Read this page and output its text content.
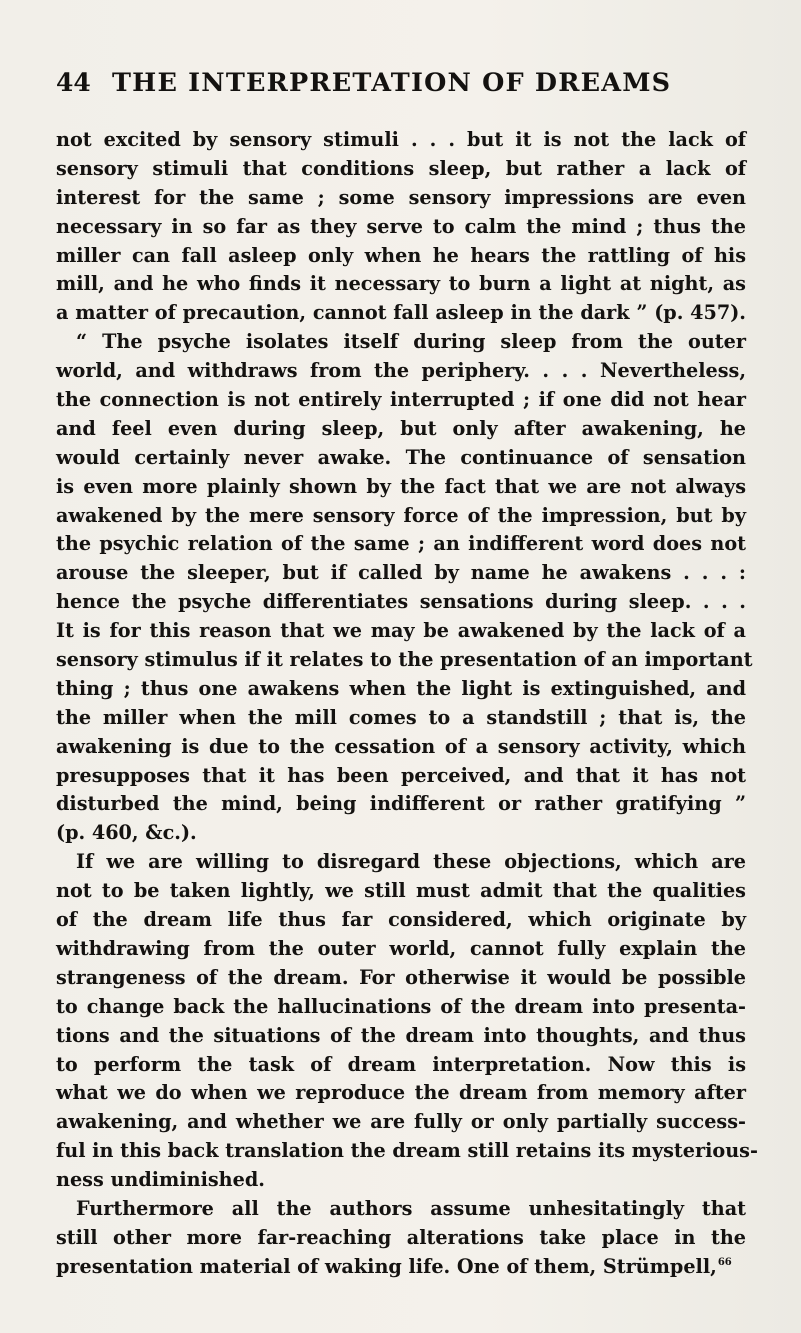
44 THE INTERPRETATION OF DREAMS
not excited by sensory stimuli . . . but it is not the lack of
sensory stimuli that conditions sleep, but rather a lack of
interest for the same ; some sensory impressions are even
necessary in so far as they serve to calm the mind ; thus the
miller can fall asleep only when he hears the rattling of his
mill, and he who finds it necessary to burn a light at night, as
a matter of precaution, cannot fall asleep in the dark ” (p. 457).
“ The psyche isolates itself during sleep from the outer
world, and withdraws from the periphery. . . . Nevertheless,
the connection is not entirely interrupted ; if one did not hear
and feel even during sleep, but only after awakening, he
would certainly never awake. The continuance of sensation
is even more plainly shown by the fact that we are not always
awakened by the mere sensory force of the impression, but by
the psychic relation of the same ; an indifferent word does not
arouse the sleeper, but if called by name he awakens . . . :
hence the psyche differentiates sensations during sleep. . . .
It is for this reason that we may be awakened by the lack of a
sensory stimulus if it relates to the presentation of an important
thing ; thus one awakens when the light is extinguished, and
the miller when the mill comes to a standstill ; that is, the
awakening is due to the cessation of a sensory activity, which
presupposes that it has been perceived, and that it has not
disturbed the mind, being indifferent or rather gratifying ”
(p. 460, &c.).
If we are willing to disregard these objections, which are
not to be taken lightly, we still must admit that the qualities
of the dream life thus far considered, which originate by
withdrawing from the outer world, cannot fully explain the
strangeness of the dream. For otherwise it would be possible
to change back the hallucinations of the dream into presenta-
tions and the situations of the dream into thoughts, and thus
to perform the task of dream interpretation. Now this is
what we do when we reproduce the dream from memory after
awakening, and whether we are fully or only partially success-
ful in this back translation the dream still retains its mysterious-
ness undiminished.
Furthermore all the authors assume unhesitatingly that
still other more far-reaching alterations take place in the
presentation material of waking life. One of them, Strümpell,$^{66}$
